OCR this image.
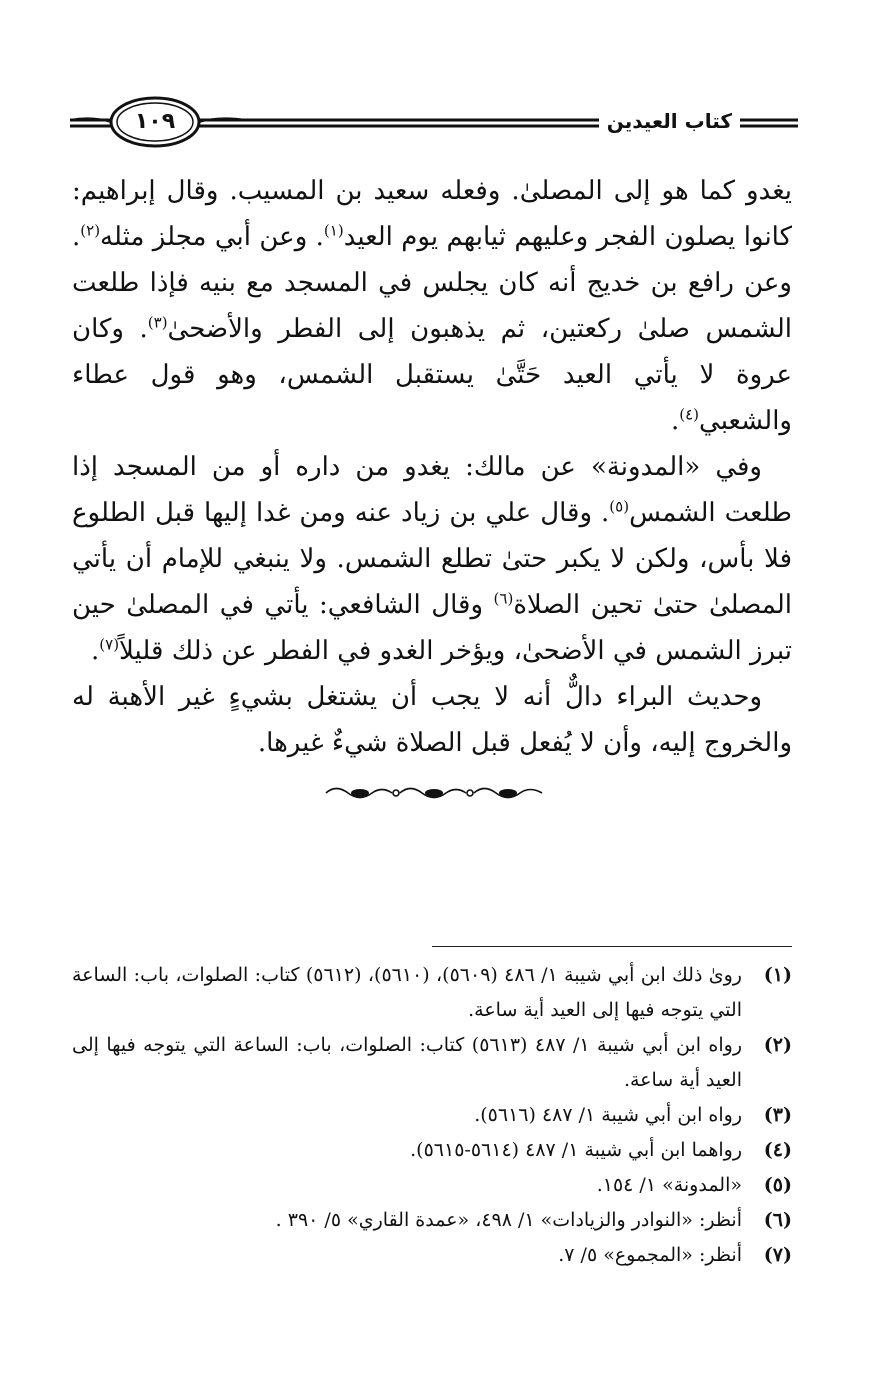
كتاب العيدين
١٠٩

يغدو كما هو إلى المصلىٰ. وفعله سعيد بن المسيب. وقال إبراهيم: كانوا يصلون الفجر وعليهم ثيابهم يوم العيد$^{(١)}$. وعن أبي مجلز مثله$^{(٢)}$. وعن رافع بن خديج أنه كان يجلس في المسجد مع بنيه فإذا طلعت الشمس صلىٰ ركعتين، ثم يذهبون إلى الفطر والأضحىٰ$^{(٣)}$. وكان عروة لا يأتي العيد حَتَّىٰ يستقبل الشمس، وهو قول عطاء والشعبي$^{(٤)}$.

وفي «المدونة» عن مالك: يغدو من داره أو من المسجد إذا طلعت الشمس$^{(٥)}$. وقال علي بن زياد عنه ومن غدا إليها قبل الطلوع فلا بأس، ولكن لا يكبر حتىٰ تطلع الشمس. ولا ينبغي للإمام أن يأتي المصلىٰ حتىٰ تحين الصلاة$^{(٦)}$ وقال الشافعي: يأتي في المصلىٰ حين تبرز الشمس في الأضحىٰ، ويؤخر الغدو في الفطر عن ذلك قليلاً$^{(٧)}$.

وحديث البراء دالٌّ أنه لا يجب أن يشتغل بشيءٍ غير الأهبة له والخروج إليه، وأن لا يُفعل قبل الصلاة شيءٌ غيرها.

(١)
روىٰ ذلك ابن أبي شيبة ١/ ٤٨٦ (٥٦٠٩)، (٥٦١٠)، (٥٦١٢) كتاب: الصلوات، باب: الساعة التي يتوجه فيها إلى العيد أية ساعة.
(٢)
رواه ابن أبي شيبة ١/ ٤٨٧ (٥٦١٣) كتاب: الصلوات، باب: الساعة التي يتوجه فيها إلى العيد أية ساعة.
(٣)
رواه ابن أبي شيبة ١/ ٤٨٧ (٥٦١٦).
(٤)
رواهما ابن أبي شيبة ١/ ٤٨٧ (٥٦١٤-٥٦١٥).
(٥)
«المدونة» ١/ ١٥٤.
(٦)
أنظر: «النوادر والزيادات» ١/ ٤٩٨، «عمدة القاري» ٥/ ٣٩٠ .
(٧)
أنظر: «المجموع» ٥/ ٧.
